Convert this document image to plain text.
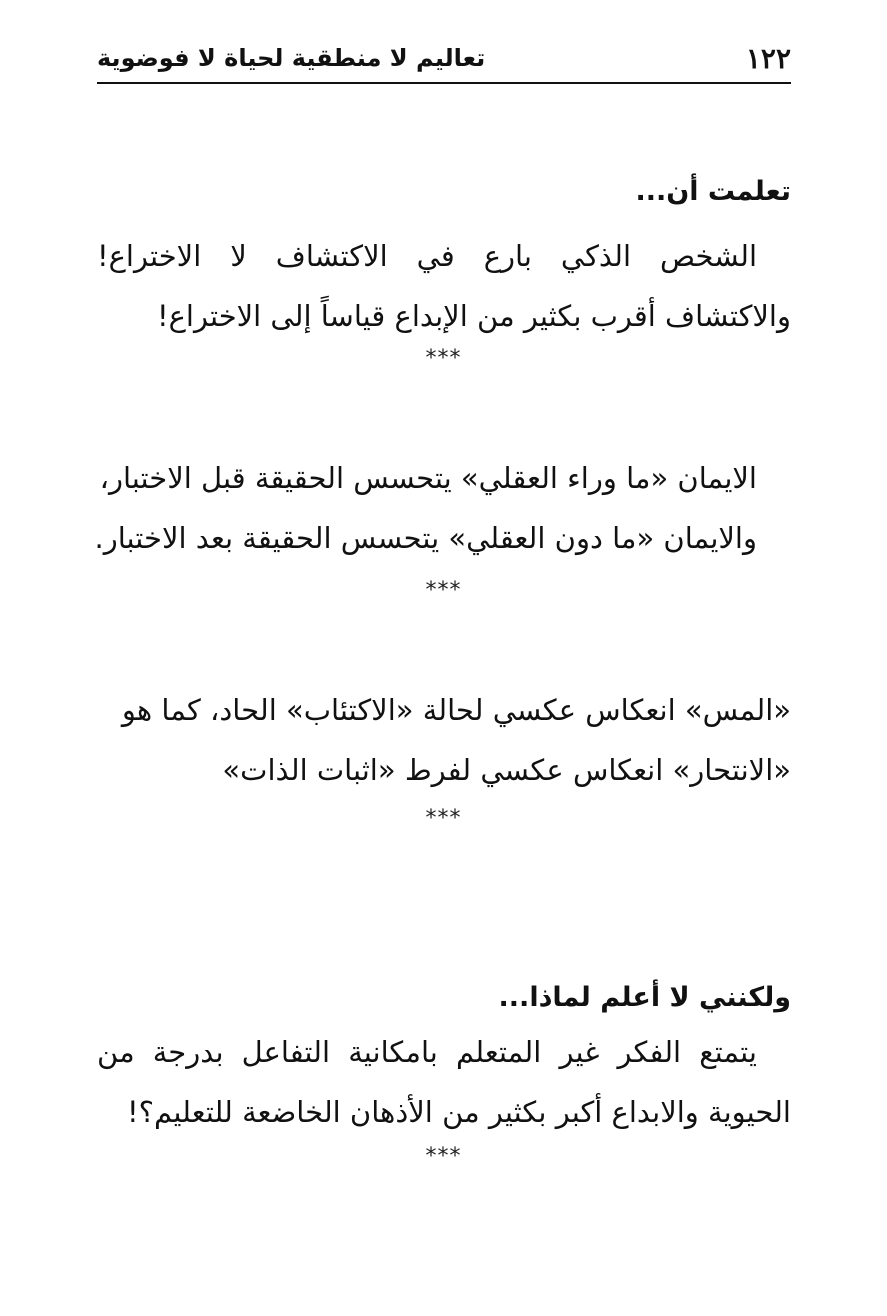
١٢٢
تعاليم لا منطقية لحياة لا فوضوية

تعلمت أن...

الشخص الذكي بارع في الاكتشاف لا الاختراع! والاكتشاف أقرب بكثير من الإبداع قياساً إلى الاختراع!

***

الايمان «ما وراء العقلي» يتحسس الحقيقة قبل الاختبار،

والايمان «ما دون العقلي» يتحسس الحقيقة بعد الاختبار.

***

«المس» انعكاس عكسي لحالة «الاكتئاب» الحاد، كما هو

«الانتحار» انعكاس عكسي لفرط «اثبات الذات»

***

ولكنني لا أعلم لماذا...

يتمتع الفكر غير المتعلم بامكانية التفاعل بدرجة من الحيوية والابداع أكبر بكثير من الأذهان الخاضعة للتعليم؟!

***
